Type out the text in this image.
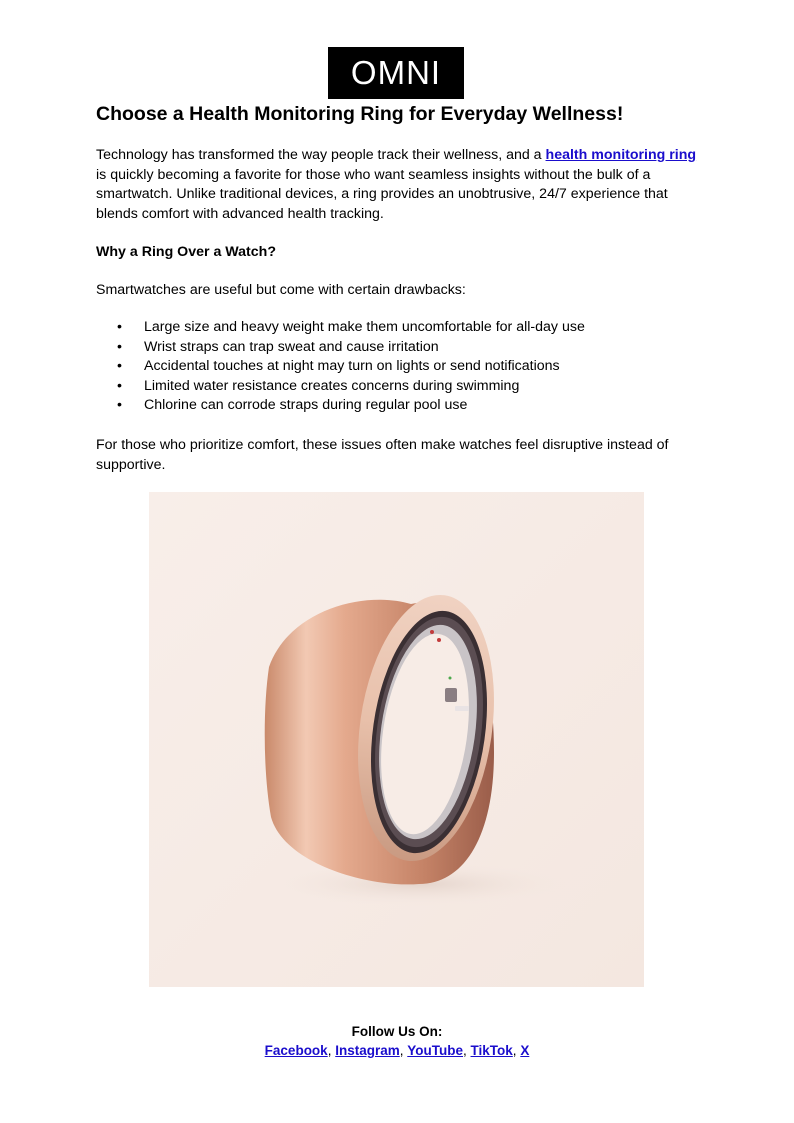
OMNI
Choose a Health Monitoring Ring for Everyday Wellness!

Technology has transformed the way people track their wellness, and a health monitoring ring is quickly becoming a favorite for those who want seamless insights without the bulk of a smartwatch. Unlike traditional devices, a ring provides an unobtrusive, 24/7 experience that blends comfort with advanced health tracking.

Why a Ring Over a Watch?

Smartwatches are useful but come with certain drawbacks:

• Large size and heavy weight make them uncomfortable for all-day use
• Wrist straps can trap sweat and cause irritation
• Accidental touches at night may turn on lights or send notifications
• Limited water resistance creates concerns during swimming
• Chlorine can corrode straps during regular pool use

For those who prioritize comfort, these issues often make watches feel disruptive instead of supportive.

Follow Us On:
Facebook, Instagram, YouTube, TikTok, X
